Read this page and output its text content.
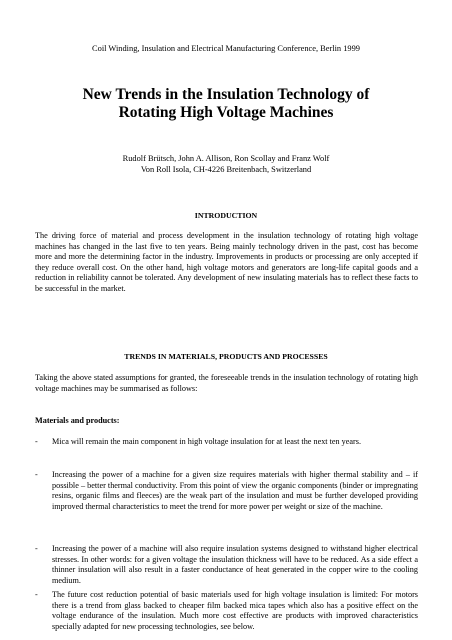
Coil Winding, Insulation and Electrical Manufacturing Conference, Berlin 1999
New Trends in the Insulation Technology of
Rotating High Voltage Machines
Rudolf Brütsch, John A. Allison, Ron Scollay and Franz Wolf
Von Roll Isola, CH-4226 Breitenbach, Switzerland
INTRODUCTION
The driving force of material and process development in the insulation technology of rotating high voltage machines has changed in the last five to ten years. Being mainly technology driven in the past, cost has become more and more the determining factor in the industry. Improvements in products or processing are only accepted if they reduce overall cost. On the other hand, high voltage motors and generators are long-life capital goods and a reduction in reliability cannot be tolerated. Any development of new insulating materials has to reflect these facts to be successful in the market.
TRENDS IN MATERIALS, PRODUCTS AND PROCESSES
Taking the above stated assumptions for granted, the foreseeable trends in the insulation technology of rotating high voltage machines may be summarised as follows:
Materials and products:
- Mica will remain the main component in high voltage insulation for at least the next ten years.
- Increasing the power of a machine for a given size requires materials with higher thermal stability and – if possible – better thermal conductivity. From this point of view the organic components (binder or impregnating resins, organic films and fleeces) are the weak part of the insulation and must be further developed providing improved thermal characteristics to meet the trend for more power per weight or size of the machine.
- Increasing the power of a machine will also require insulation systems designed to withstand higher electrical stresses. In other words: for a given voltage the insulation thickness will have to be reduced. As a side effect a thinner insulation will also result in a faster conductance of heat generated in the copper wire to the cooling medium.
- The future cost reduction potential of basic materials used for high voltage insulation is limited: For motors there is a trend from glass backed to cheaper film backed mica tapes which also has a positive effect on the voltage endurance of the insulation. Much more cost effective are products with improved characteristics specially adapted for new processing technologies, see below.
